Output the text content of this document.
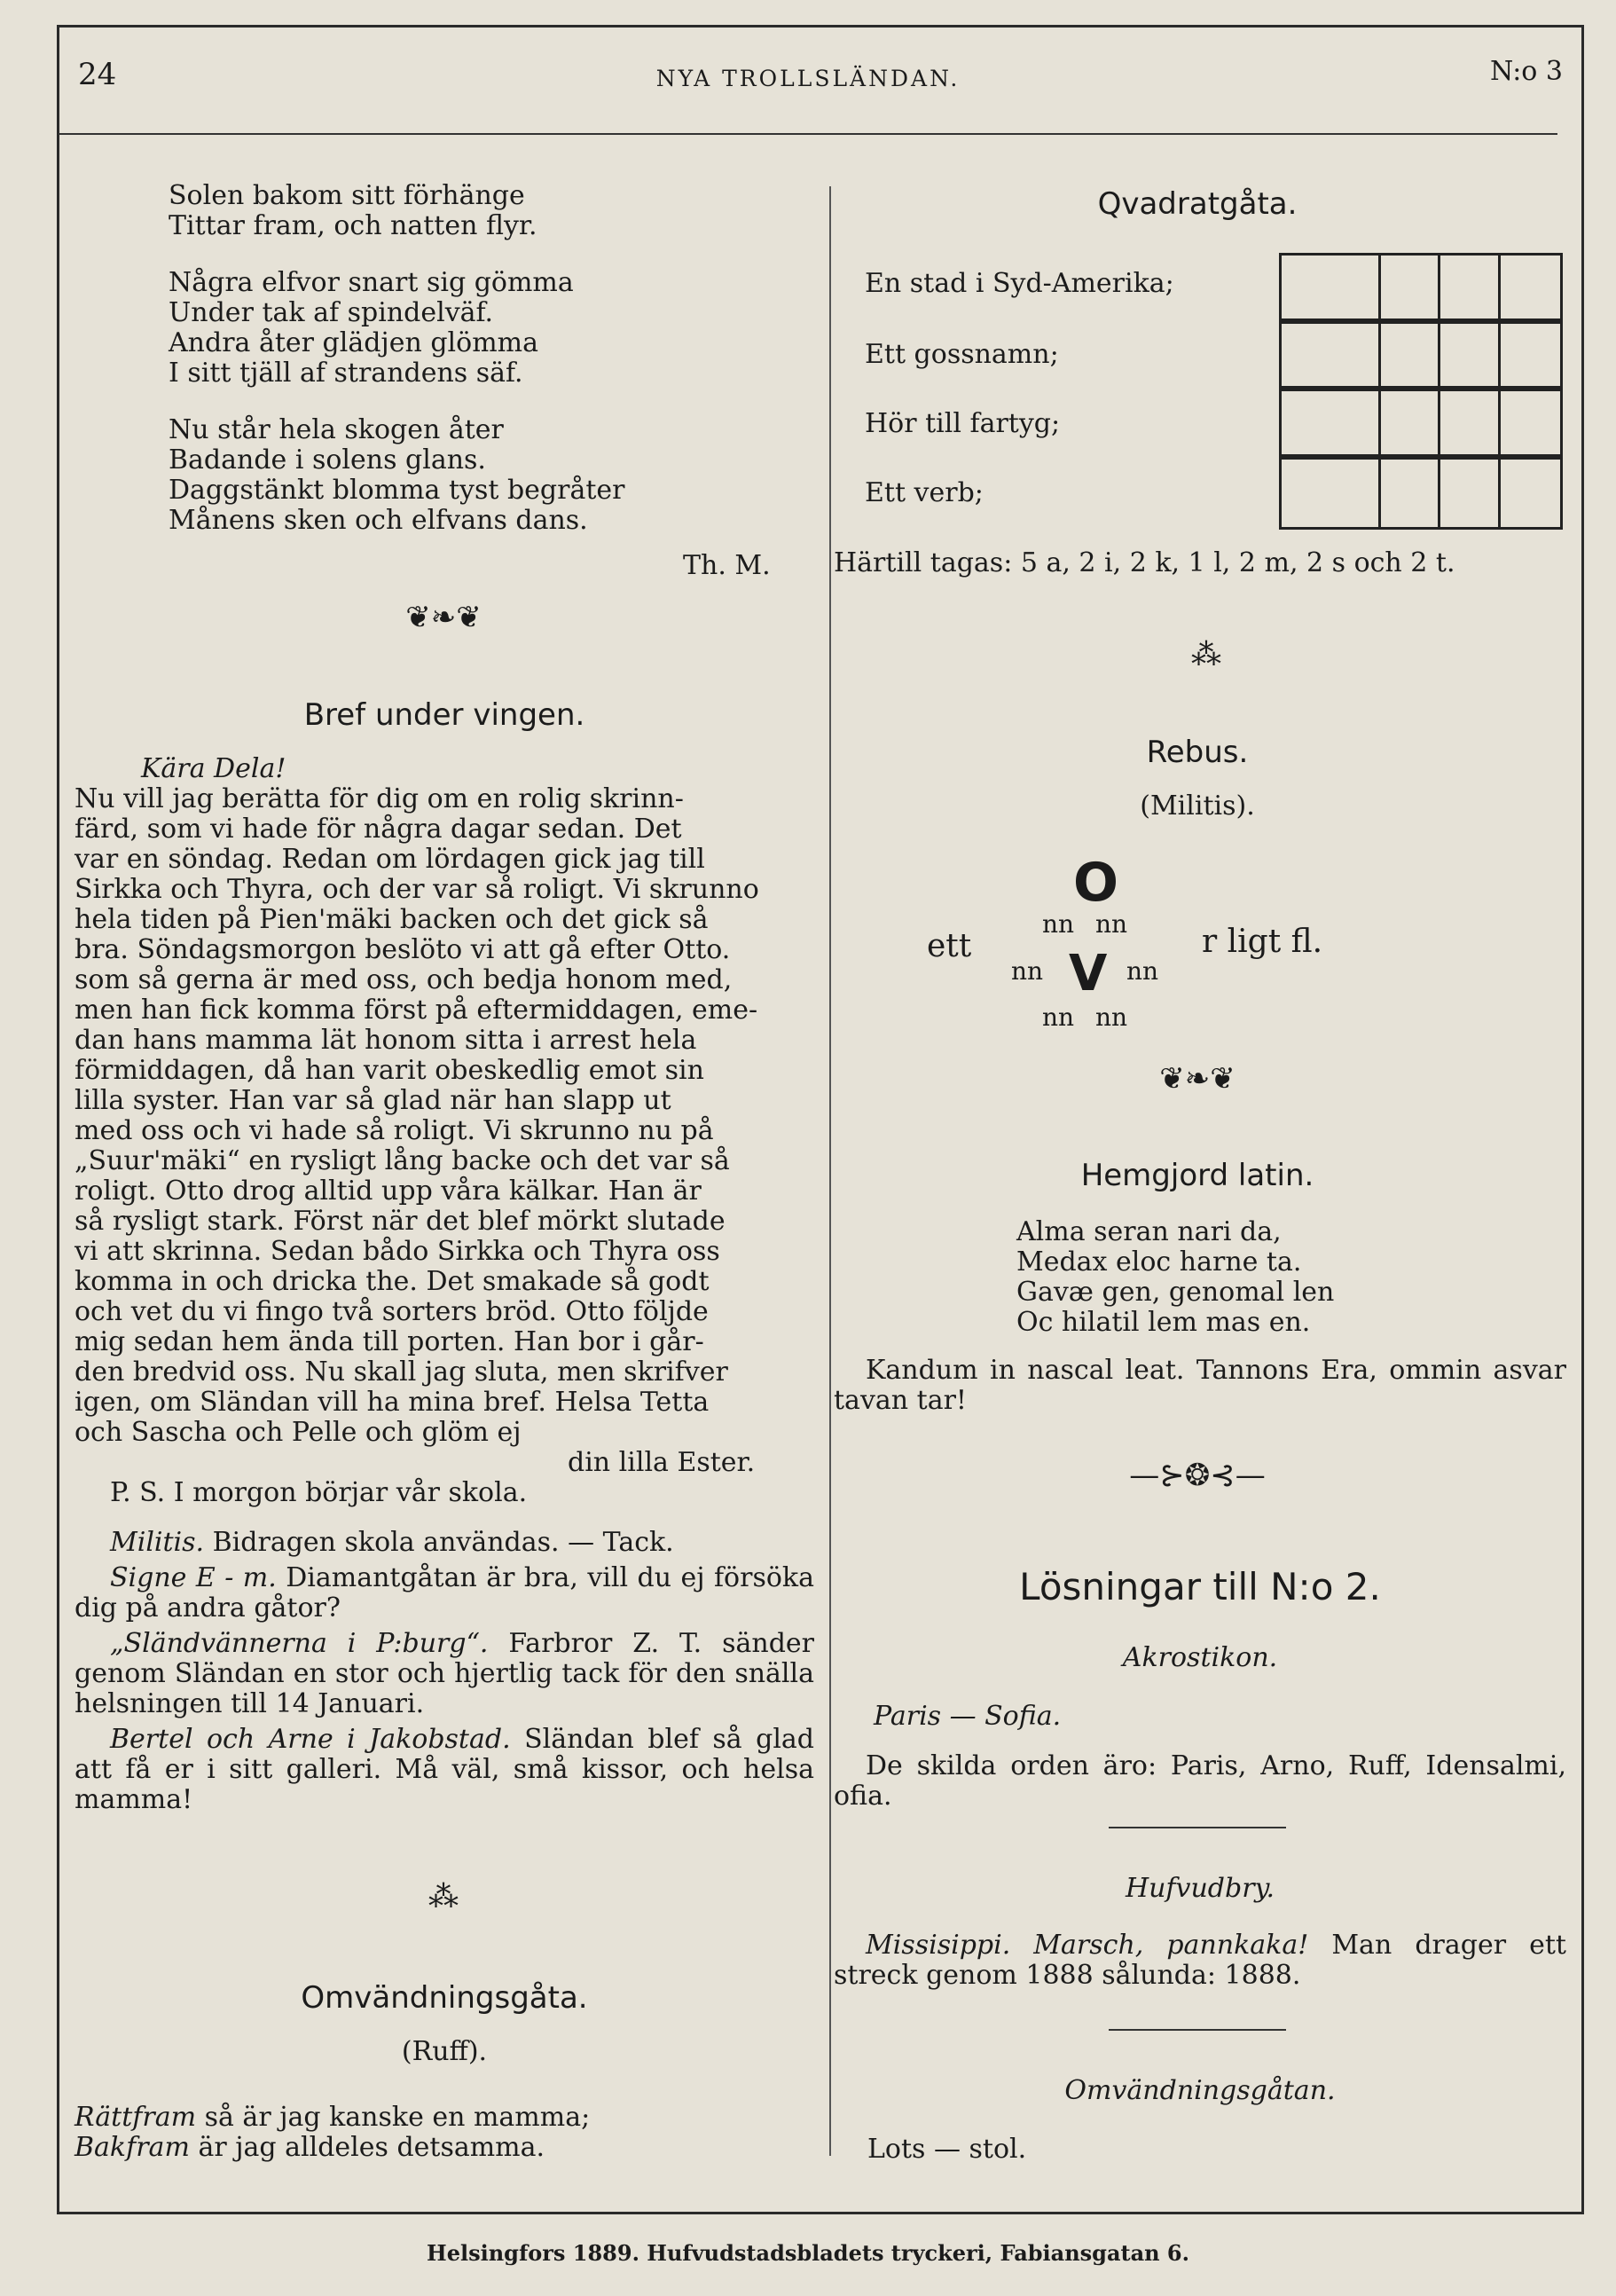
24	NYA TROLLSLÄNDAN.	N:o 3

Solen bakom sitt förhänge

Tittar fram, och natten flyr.

Några elfvor snart sig gömma

Under tak af spindelväf.

Andra åter glädjen glömma

I sitt tjäll af strandens säf.

Nu står hela skogen åter

Badande i solens glans.

Daggstänkt blomma tyst begråter

Månens sken och elfvans dans.

Th. M.
❦❧❦
Bref under vingen.

Kära Dela!

Nu vill jag berätta för dig om en rolig skrinn-

färd, som vi hade för några dagar sedan. Det

var en söndag. Redan om lördagen gick jag till

Sirkka och Thyra, och der var så roligt. Vi skrunno

hela tiden på Pien'mäki backen och det gick så

bra. Söndagsmorgon beslöto vi att gå efter Otto.

som så gerna är med oss, och bedja honom med,

men han fick komma först på eftermiddagen, eme-

dan hans mamma lät honom sitta i arrest hela

förmiddagen, då han varit obeskedlig emot sin

lilla syster. Han var så glad när han slapp ut

med oss och vi hade så roligt. Vi skrunno nu på

„Suur'mäki“ en rysligt lång backe och det var så

roligt. Otto drog alltid upp våra kälkar. Han är

så rysligt stark. Först när det blef mörkt slutade

vi att skrinna. Sedan bådo Sirkka och Thyra oss

komma in och dricka the. Det smakade så godt

och vet du vi fingo två sorters bröd. Otto följde

mig sedan hem ända till porten. Han bor i går-

den bredvid oss. Nu skall jag sluta, men skrifver

igen, om Sländan vill ha mina bref. Helsa Tetta

och Sascha och Pelle och glöm ej

din lilla Ester.

P. S. I morgon börjar vår skola.

Militis. Bidragen skola användas. — Tack.

Signe E - m. Diamantgåtan är bra, vill du ej försöka dig på andra gåtor?

„Sländvännerna i P:burg“. Farbror Z. T. sänder genom Sländan en stor och hjertlig tack för den snälla helsningen till 14 Januari.

Bertel och Arne i Jakobstad. Sländan blef så glad att få er i sitt galleri. Må väl, små kissor, och helsa mamma!

⁂
Omvändningsgåta.
(Ruff).

Rättfram så är jag kanske en mamma;

Bakfram är jag alldeles detsamma.

Qvadratgåta.
En stad i Syd-Amerika;
Ett gossnamn;
Hör till fartyg;
Ett verb;
Härtill tagas: 5 a, 2 i, 2 k, 1 l, 2 m, 2 s och 2 t.
⁂
Rebus.
(Militis).
O
nn nn
ett
nn V nn
r ligt fl.
nn nn
❦❧❦
Hemgjord latin.

Alma seran nari da,

Medax eloc harne ta.

Gavæ gen, genomal len

Oc hilatil lem mas en.

Kandum in nascal leat. Tannons Era, ommin asvar tavan tar!
—⊱❂⊰—
Lösningar till N:o 2.
Akrostikon.
Paris — Sofia.
De skilda orden äro: Paris, Arno, Ruff, Idensalmi, ofia.
Hufvudbry.
Missisippi. Marsch, pannkaka! Man drager ett streck genom 1888 sålunda: 1888.
Omvändningsgåtan.
Lots — stol.
Helsingfors 1889. Hufvudstadsbladets tryckeri, Fabiansgatan 6.
